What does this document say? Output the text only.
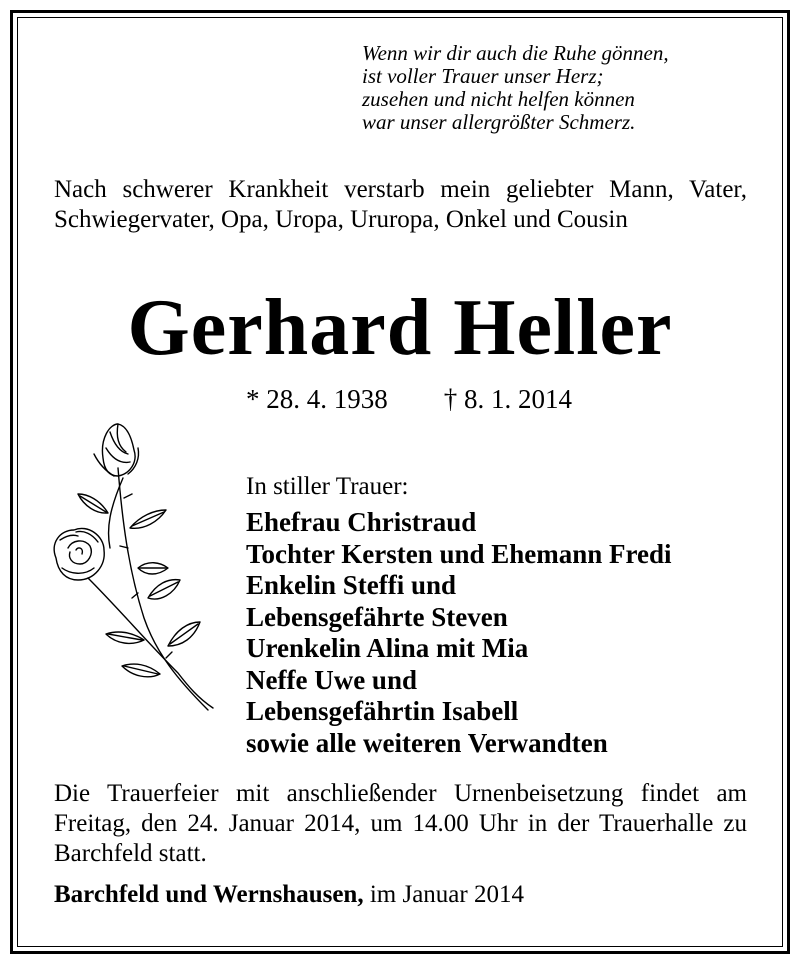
Wenn wir dir auch die Ruhe gönnen,
ist voller Trauer unser Herz;
zusehen und nicht helfen können
war unser allergrößter Schmerz.
Nach schwerer Krankheit verstarb mein geliebter Mann, Vater, Schwiegervater, Opa, Uropa, Ururopa, Onkel und Cousin
Gerhard Heller
* 28. 4. 1938 † 8. 1. 2014
In stiller Trauer:
Ehefrau Christraud
Tochter Kersten und Ehemann Fredi
Enkelin Steffi und
Lebensgefährte Steven
Urenkelin Alina mit Mia
Neffe Uwe und
Lebensgefährtin Isabell
sowie alle weiteren Verwandten
Die Trauerfeier mit anschließender Urnenbeisetzung findet am Freitag, den 24. Januar 2014, um 14.00 Uhr in der Trauerhalle zu Barchfeld statt.
Barchfeld und Wernshausen, im Januar 2014
